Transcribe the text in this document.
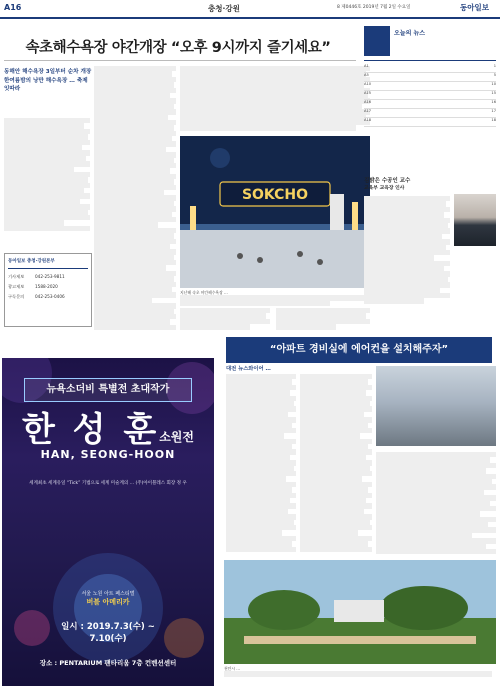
A16	충청·강원	8 제0446호 2019년 7월 2일 수요일	동아일보
속초해수욕장 야간개장 “오후 9시까지 즐기세요”
동해안 해수욕장 3일부터 순차 개장 한여름밤의 낭만 해수욕장 … 축제 잇따라
SOKCHO
지난해 속초 야간해수욕장 …
동아일보 충청·강원본부
기사제보	042-253-9811
광고제보	1588-2020
구독문의	042-253-0406
뉴욕소더비 특별전 초대작가
한 성 훈소원전
HAN, SEONG-HOON
세계최초 세계유일 “Tick” 기법으로 세계 미술계의 … (주)아이블레스 회장 정 우
서울 노원 아트 페스티벌
버블 아메리카
일시 : 2019.7.3(수) ~ 7.10(수)
장소 : PENTARIUM 팬타리움 7층 컨벤션센터
오늘의 뉴스
A1	1
A5	5
A10	10
A15	15
A16	16
A17	17
A18	18
김밝은 수공인 교수
교육부 교육장 인사
“아파트 경비실에 에어컨을 설치해주자”
대전 뉴스와이어 …
천안시 …
